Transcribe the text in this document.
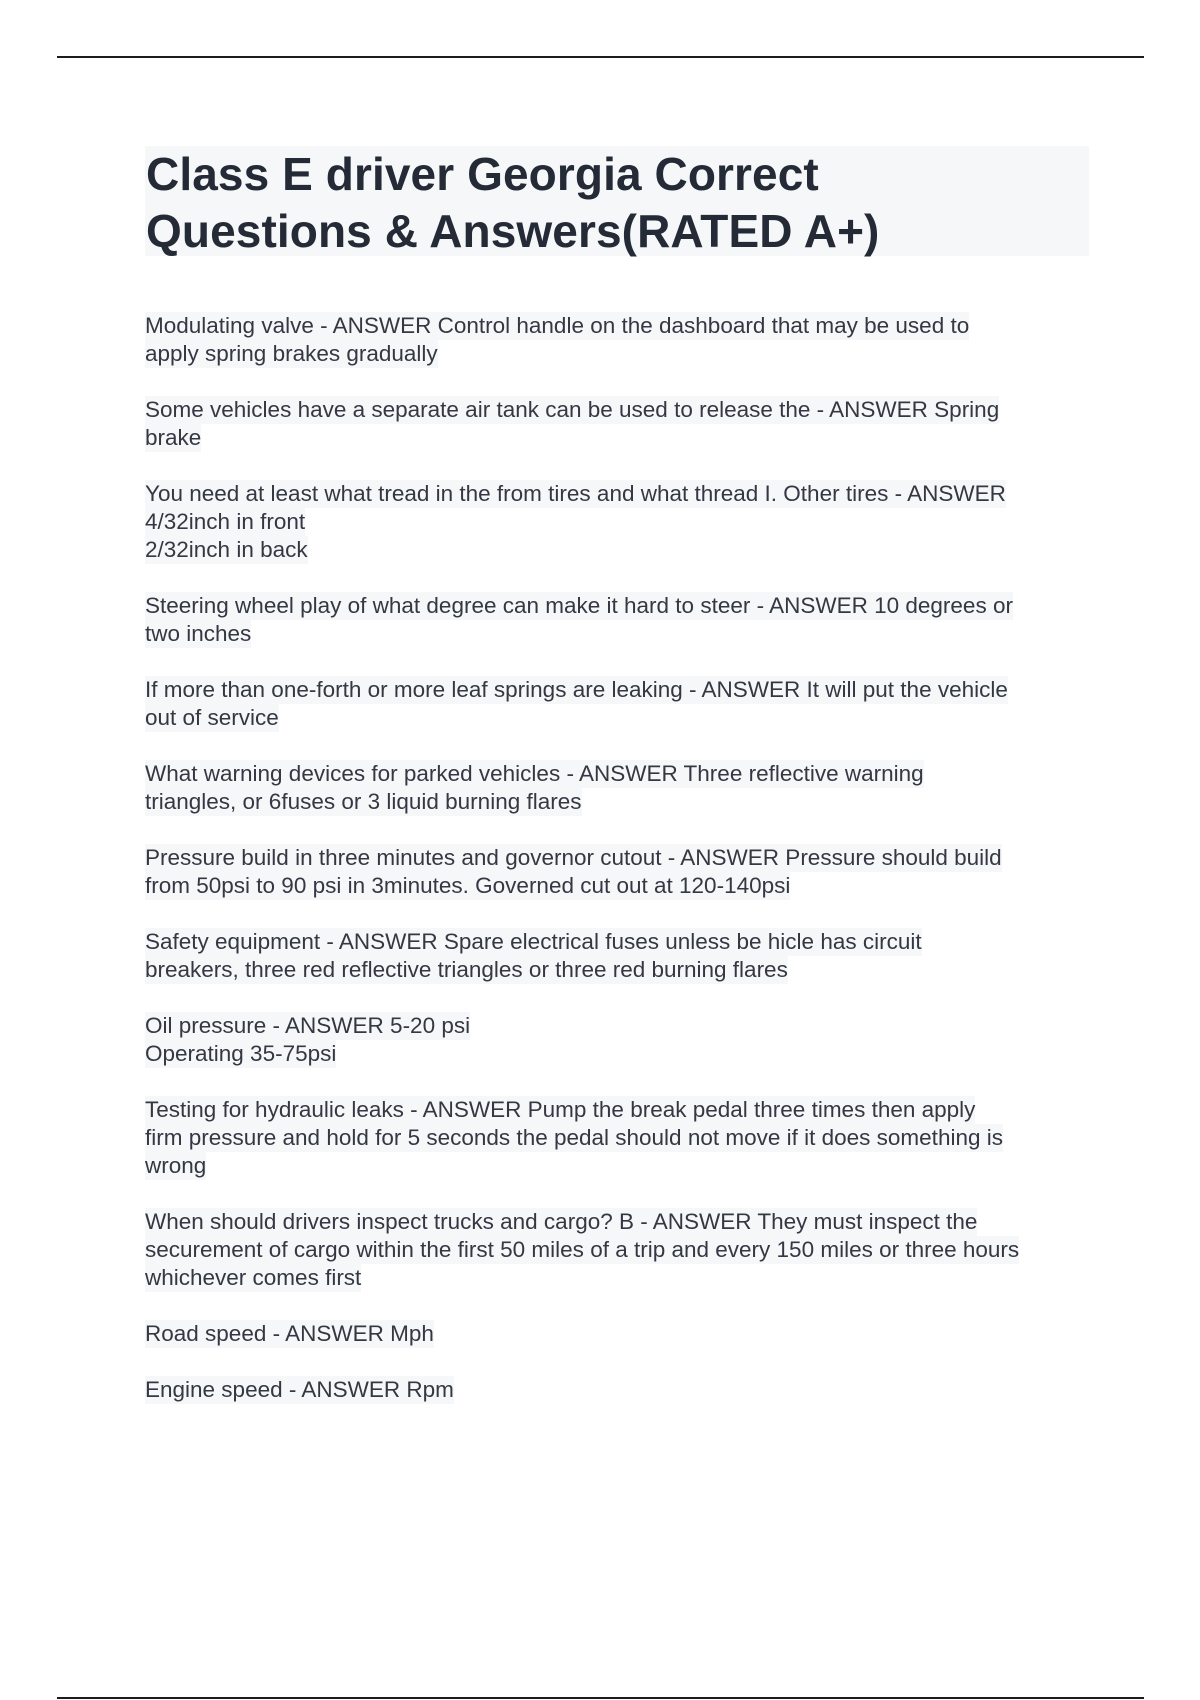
Class E driver Georgia Correct
Questions & Answers(RATED A+)
Modulating valve - ANSWER Control handle on the dashboard that may be used to
apply spring brakes gradually
Some vehicles have a separate air tank can be used to release the - ANSWER Spring
brake
You need at least what tread in the from tires and what thread I. Other tires - ANSWER
4/32inch in front
2/32inch in back
Steering wheel play of what degree can make it hard to steer - ANSWER 10 degrees or
two inches
If more than one-forth or more leaf springs are leaking - ANSWER It will put the vehicle
out of service
What warning devices for parked vehicles - ANSWER Three reflective warning
triangles, or 6fuses or 3 liquid burning flares
Pressure build in three minutes and governor cutout - ANSWER Pressure should build
from 50psi to 90 psi in 3minutes. Governed cut out at 120-140psi
Safety equipment - ANSWER Spare electrical fuses unless be hicle has circuit
breakers, three red reflective triangles or three red burning flares
Oil pressure - ANSWER 5-20 psi
Operating 35-75psi
Testing for hydraulic leaks - ANSWER Pump the break pedal three times then apply
firm pressure and hold for 5 seconds the pedal should not move if it does something is
wrong
When should drivers inspect trucks and cargo? B - ANSWER They must inspect the
securement of cargo within the first 50 miles of a trip and every 150 miles or three hours
whichever comes first
Road speed - ANSWER Mph
Engine speed - ANSWER Rpm
